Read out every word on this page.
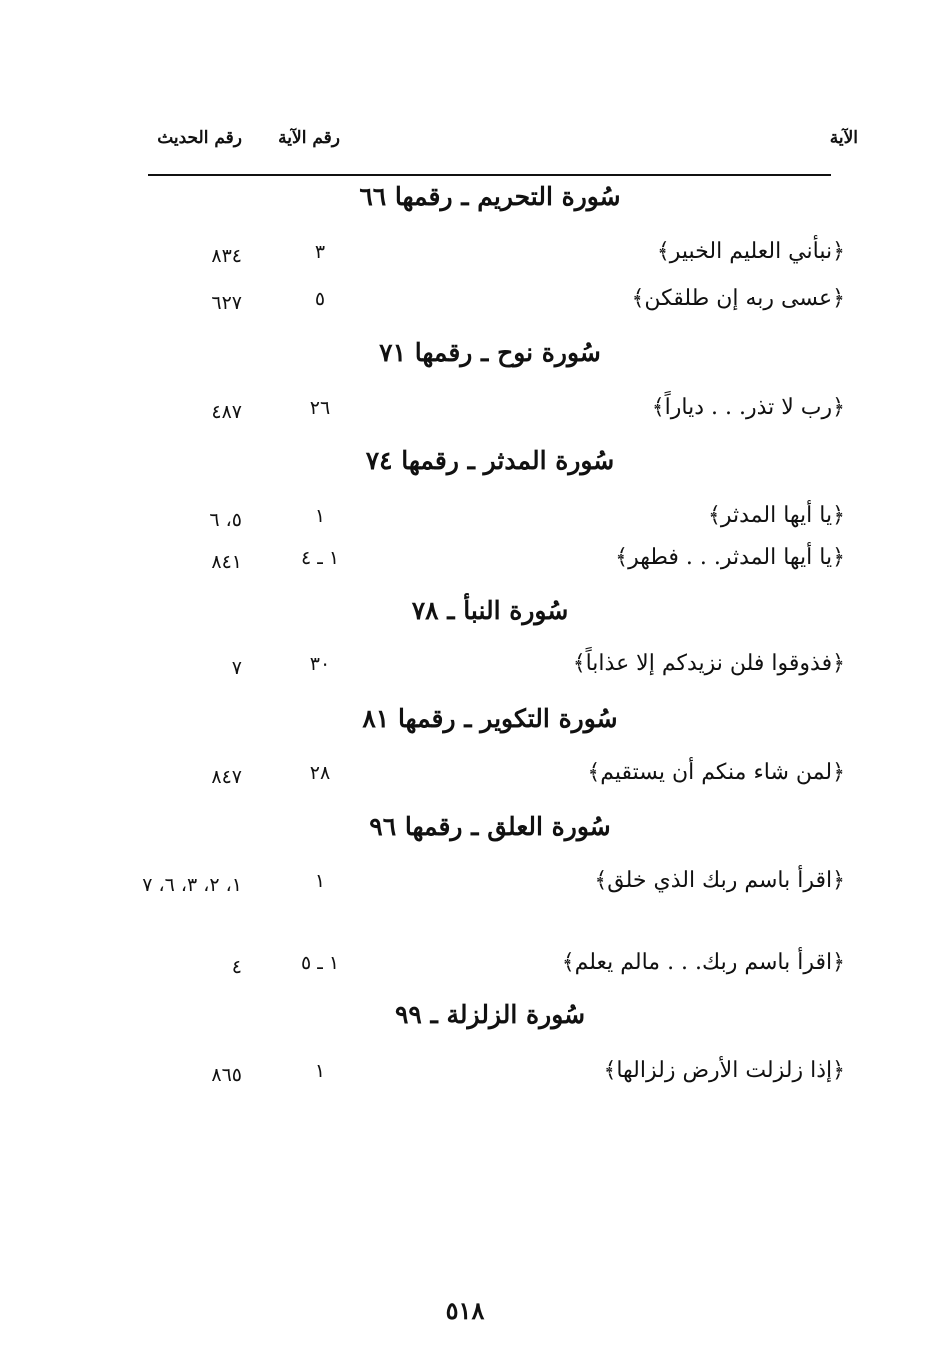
الآية
رقم الآية
رقم الحديث
سُورة التحريم ـ رقمها ٦٦
﴿نبأني العليم الخبير﴾
٣
٨٣٤
﴿عسى ربه إن طلقكن﴾
٥
٦٢٧
سُورة نوح ـ رقمها ٧١
﴿رب لا تذر. . . دياراً﴾
٢٦
٤٨٧
سُورة المدثر ـ رقمها ٧٤
﴿يا أيها المدثر﴾
١
٥، ٦
﴿يا أيها المدثر. . . فطهر﴾
١ ـ ٤
٨٤١
سُورة النبأ ـ ٧٨
﴿فذوقوا فلن نزيدكم إلا عذاباً﴾
٣٠
٧
سُورة التكوير ـ رقمها ٨١
﴿لمن شاء منكم أن يستقيم﴾
٢٨
٨٤٧
سُورة العلق ـ رقمها ٩٦
﴿اقرأ باسم ربك الذي خلق﴾
١
١، ٢، ٣، ٦، ٧
﴿اقرأ باسم ربك. . . مالم يعلم﴾
١ ـ ٥
٤
سُورة الزلزلة ـ ٩٩
﴿إذا زلزلت الأرض زلزالها﴾
١
٨٦٥
٥١٨
